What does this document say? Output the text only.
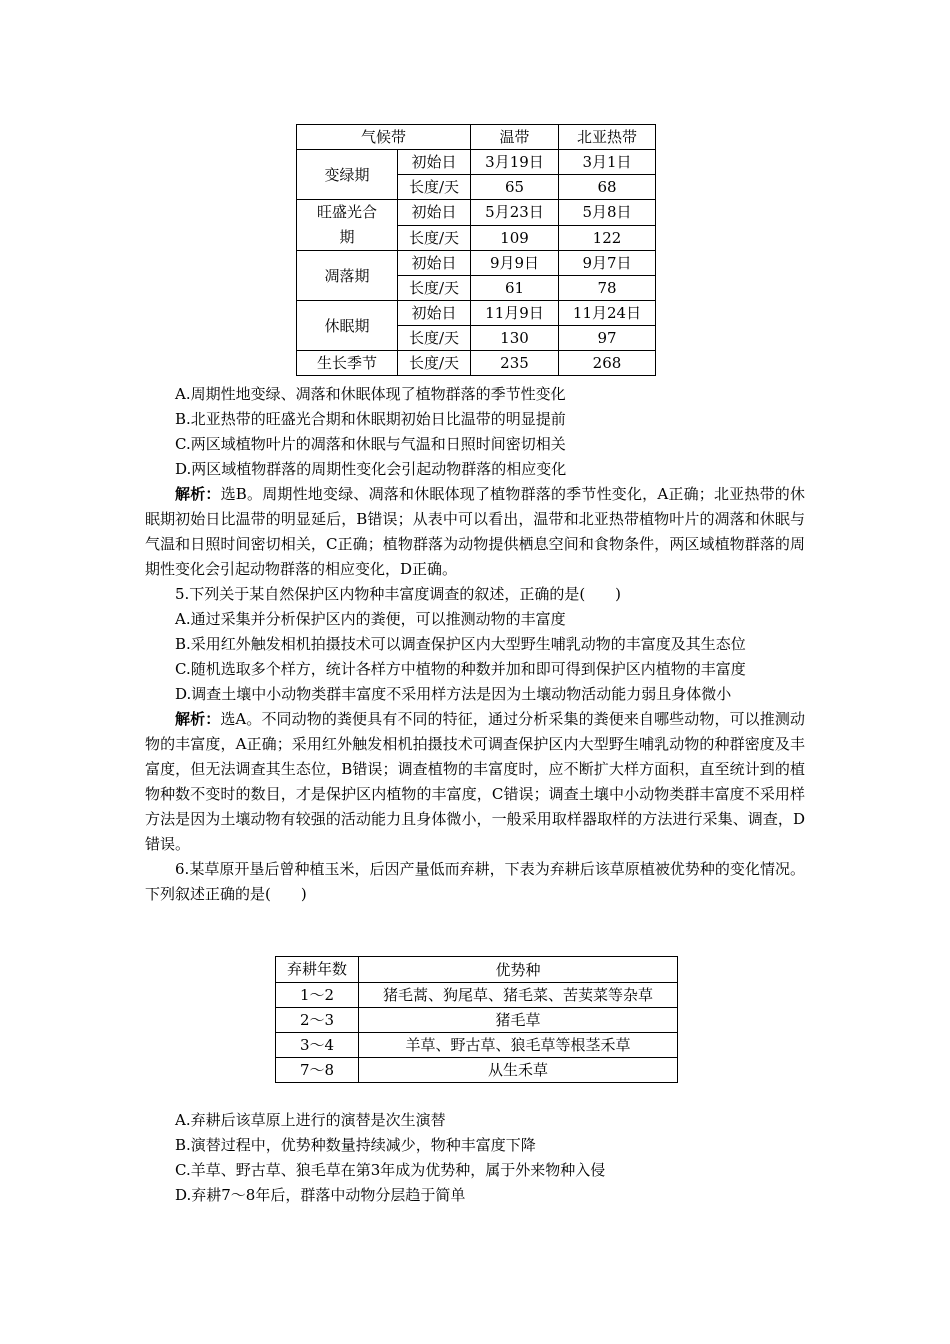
气候带		温带	北亚热带
变绿期	初始日	3月19日	3月1日
	长度/天	65	68

旺盛光合期	初始日	5月23日	5月8日
	长度/天	109	122
凋落期	初始日	9月9日	9月7日
	长度/天	61	78
休眠期	初始日	11月9日	11月24日
	长度/天	130	97
生长季节	长度/天	235	268

A.周期性地变绿、凋落和休眠体现了植物群落的季节性变化

B.北亚热带的旺盛光合期和休眠期初始日比温带的明显提前

C.两区域植物叶片的凋落和休眠与气温和日照时间密切相关

D.两区域植物群落的周期性变化会引起动物群落的相应变化

解析：选B。周期性地变绿、凋落和休眠体现了植物群落的季节性变化，A正确；北亚热带的休眠期初始日比温带的明显延后，B错误；从表中可以看出，温带和北亚热带植物叶片的凋落和休眠与气温和日照时间密切相关，C正确；植物群落为动物提供栖息空间和食物条件，两区域植物群落的周期性变化会引起动物群落的相应变化，D正确。

5.下列关于某自然保护区内物种丰富度调查的叙述，正确的是(　　)

A.通过采集并分析保护区内的粪便，可以推测动物的丰富度

B.采用红外触发相机拍摄技术可以调查保护区内大型野生哺乳动物的丰富度及其生态位

C.随机选取多个样方，统计各样方中植物的种数并加和即可得到保护区内植物的丰富度

D.调查土壤中小动物类群丰富度不采用样方法是因为土壤动物活动能力弱且身体微小

解析：选A。不同动物的粪便具有不同的特征，通过分析采集的粪便来自哪些动物，可以推测动物的丰富度，A正确；采用红外触发相机拍摄技术可调查保护区内大型野生哺乳动物的种群密度及丰富度，但无法调查其生态位，B错误；调查植物的丰富度时，应不断扩大样方面积，直至统计到的植物种数不变时的数目，才是保护区内植物的丰富度，C错误；调查土壤中小动物类群丰富度不采用样方法是因为土壤动物有较强的活动能力且身体微小，一般采用取样器取样的方法进行采集、调查，D错误。

6.某草原开垦后曾种植玉米，后因产量低而弃耕，下表为弃耕后该草原植被优势种的变化情况。下列叙述正确的是(　　)

弃耕年数	优势种
1～2	猪毛蒿、狗尾草、猪毛菜、苦荬菜等杂草
2～3	猪毛草
3～4	羊草、野古草、狼毛草等根茎禾草
7～8	从生禾草

A.弃耕后该草原上进行的演替是次生演替

B.演替过程中，优势种数量持续减少，物种丰富度下降

C.羊草、野古草、狼毛草在第3年成为优势种，属于外来物种入侵

D.弃耕7～8年后，群落中动物分层趋于简单
